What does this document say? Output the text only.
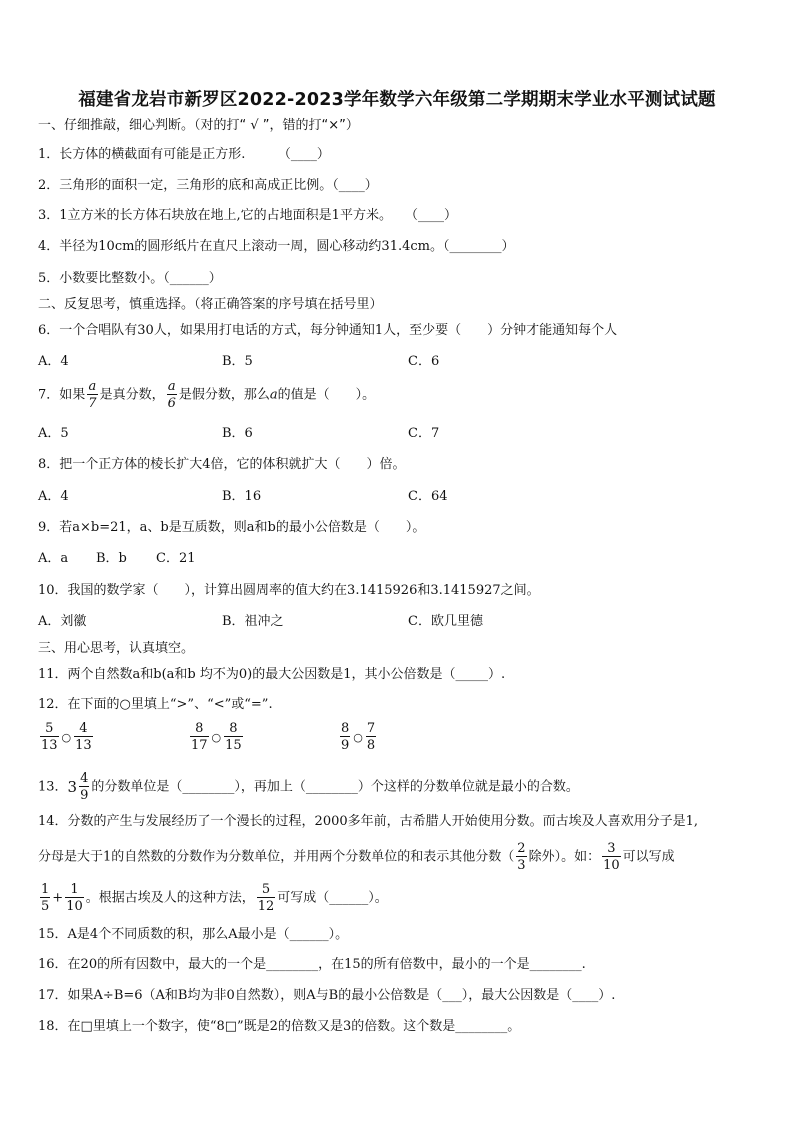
福建省龙岩市新罗区2022-2023学年数学六年级第二学期期末学业水平测试试题
一、仔细推敲，细心判断。（对的打“ √ ”，错的打“×”）
1．长方体的横截面有可能是正方形.　　　（____）
2．三角形的面积一定，三角形的底和高成正比例。（____）
3．1立方米的长方体石块放在地上,它的占地面积是1平方米。　　（____）
4．半径为10cm的圆形纸片在直尺上滚动一周，圆心移动约31.4cm。（________）
5．小数要比整数小。（______）
二、反复思考，慎重选择。（将正确答案的序号填在括号里）
6．一个合唱队有30人，如果用打电话的方式，每分钟通知1人，至少要（　　）分钟才能通知每个人
A．4	B．5	C．6
7．如果 $\frac{a}{7}$ 是真分数， $\frac{a}{6}$ 是假分数，那么a的值是（　　）。
A．5	B．6	C．7
8．把一个正方体的棱长扩大4倍，它的体积就扩大（　　）倍。
A．4	B．16	C．64
9．若a×b=21，a、b是互质数，则a和b的最小公倍数是（　　）。
A．a B．b C．21
10．我国的数学家（　　），计算出圆周率的值大约在3.1415926和3.1415927之间。
A．刘徽	B．祖冲之	C．欧几里德
三、用心思考，认真填空。
11．两个自然数a和b(a和b 均不为0)的最大公因数是1，其小公倍数是（_____）.
12．在下面的○里填上“>”、“<”或“=”.
$\frac{5}{13}$ ○ $\frac{4}{13}$	$\frac{8}{17}$ ○ $\frac{8}{15}$	$\frac{8}{9}$ ○ $\frac{7}{8}$
13．$3 \frac{4}{9}$ 的分数单位是（________），再加上（________）个这样的分数单位就是最小的合数。
14．分数的产生与发展经历了一个漫长的过程，2000多年前，古希腊人开始使用分数。而古埃及人喜欢用分子是1,
分母是大于1的自然数的分数作为分数单位，并用两个分数单位的和表示其他分数（ $\frac{2}{3}$ 除外）。如： $\frac{3}{10}$ 可以写成
$\frac{1}{5} + \frac{1}{10}$ 。根据古埃及人的这种方法， $\frac{5}{12}$ 可写成（______）。
15．A是4个不同质数的积，那么A最小是（______）。
16．在20的所有因数中，最大的一个是________，在15的所有倍数中，最小的一个是________.
17．如果A÷B=6（A和B均为非0自然数），则A与B的最小公倍数是（___），最大公因数是（____）.
18．在□里填上一个数字，使“8□”既是2的倍数又是3的倍数。这个数是________。
